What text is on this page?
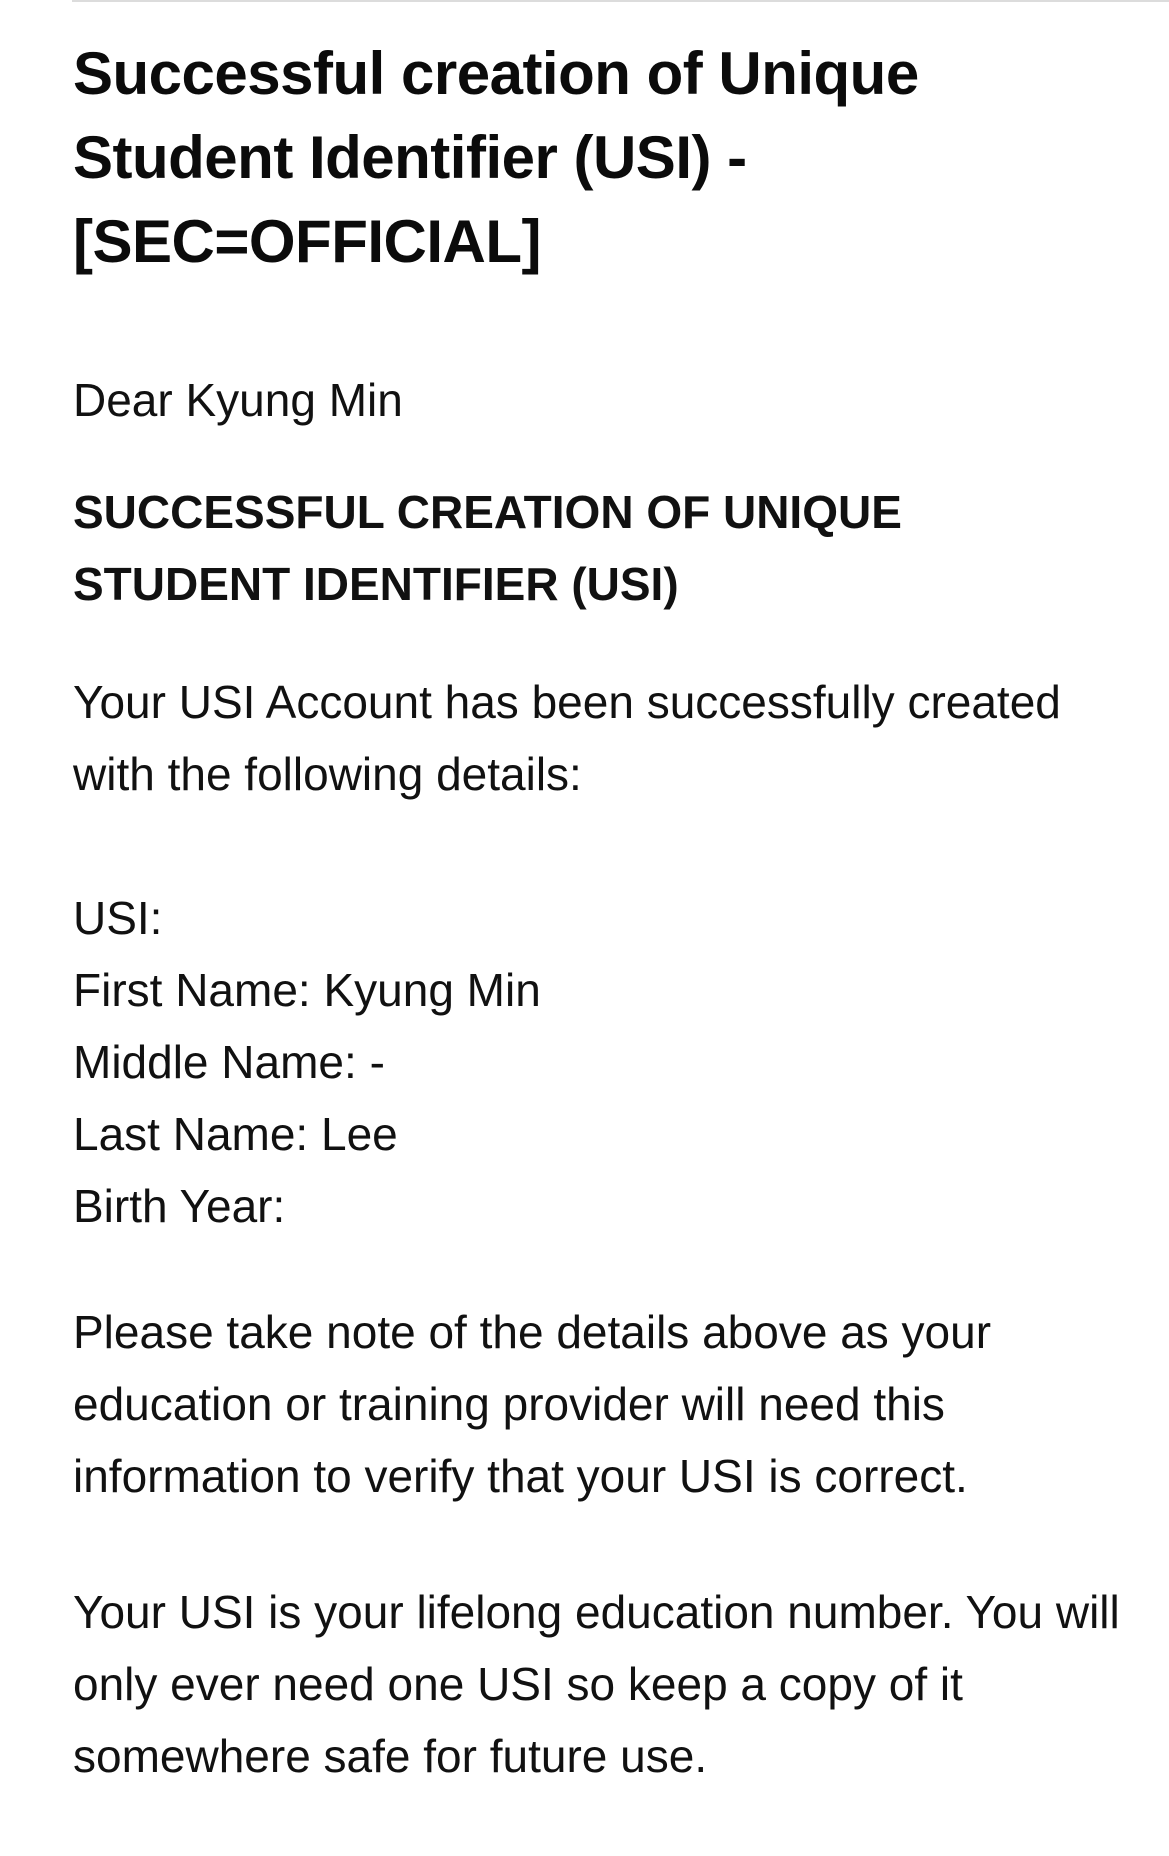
Successful creation of Unique Student Identifier (USI) - [SEC=OFFICIAL]
Dear Kyung Min
SUCCESSFUL CREATION OF UNIQUE STUDENT IDENTIFIER (USI)
Your USI Account has been successfully created with the following details:
USI:
First Name: Kyung Min
Middle Name: -
Last Name: Lee
Birth Year:
Please take note of the details above as your education or training provider will need this information to verify that your USI is correct.
Your USI is your lifelong education number. You will only ever need one USI so keep a copy of it somewhere safe for future use.
